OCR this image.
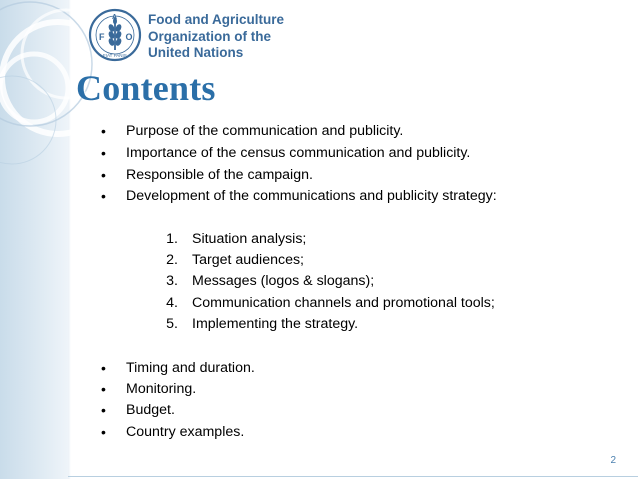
F O
A
FIAT PANIS
Food and Agriculture
Organization of the
United Nations
Contents
• Purpose of the communication and publicity.
• Importance of the census communication and publicity.
• Responsible of the campaign.
• Development of the communications and publicity strategy:
1. Situation analysis;
2. Target audiences;
3. Messages (logos & slogans);
4. Communication channels and promotional tools;
5. Implementing the strategy.
• Timing and duration.
• Monitoring.
• Budget.
• Country examples.
2
